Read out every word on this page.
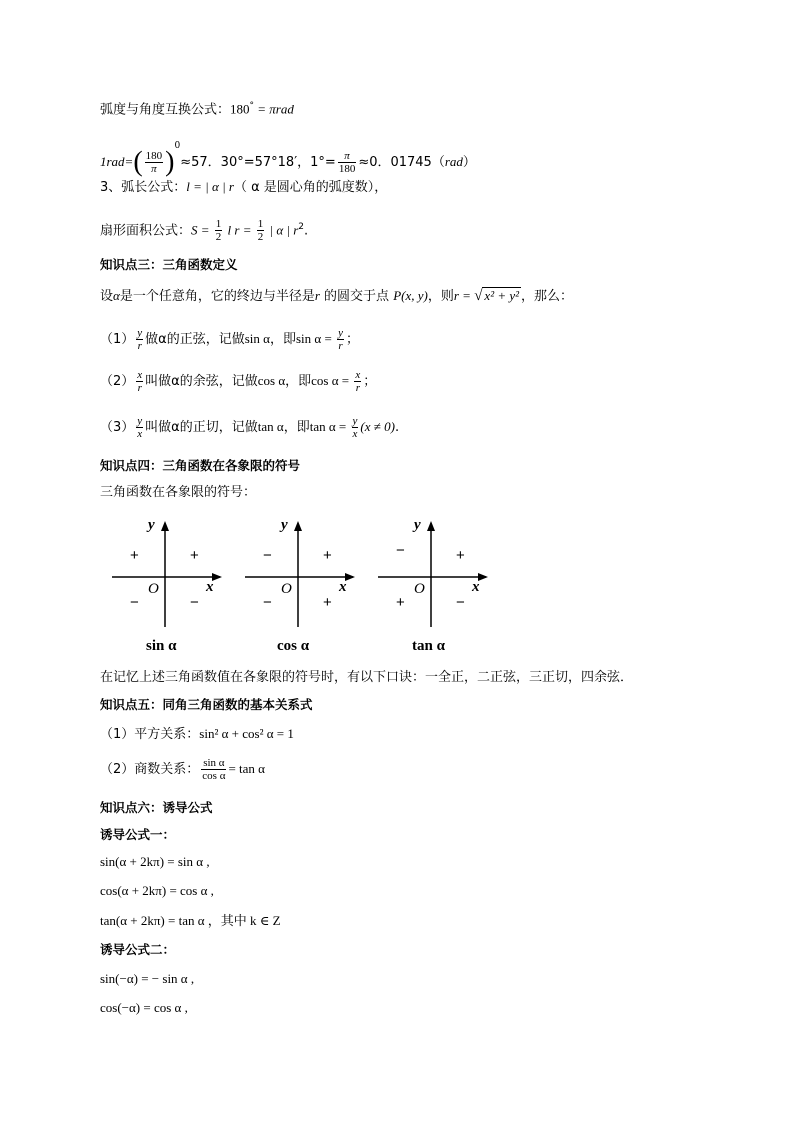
弧度与角度互换公式：180° = πrad
$1rad=( \frac{180}{\pi} )^0\approx 57$．30°=57°18′，$1^\circ= \frac{\pi}{180} \approx 0$．01745（rad）
3、弧长公式：l = | α | r（ α 是圆心角的弧度数），
扇形面积公式：$S = \frac{1}{2}$ l $r = \frac{1}{2}$ | α | $r^2$.
知识点三：三角函数定义
设α是一个任意角，它的终边与半径是r 的圆交于点 P(x, y)，则r = √ x² + y² ，那么：
$(1) \frac{y}{r}$ 做α的正弦，记做sin α，即$\sin \alpha = \frac{y}{r}$ ；
$(2) \frac{x}{r}$ 叫做α的余弦，记做cos α，即$\cos \alpha = \frac{x}{r}$ ；
$(3) \frac{y}{x}$ 叫做α的正切，记做tan α，即$\tan \alpha = \frac{y}{x} (x \ne 0)$.
知识点四：三角函数在各象限的符号
三角函数在各象限的符号：
y
x
O
+
+
−	−
sin α
y
x
O
+
−
−	+
cos α
y
x
O
+
−
+	−
tan α
在记忆上述三角函数值在各象限的符号时，有以下口诀：一全正，二正弦，三正切，四余弦．
知识点五：同角三角函数的基本关系式
（1）平方关系：sin² α + cos² α = 1
（2）商数关系： $\frac{\text{sin α}}{\text{cos α}} = \tan \alpha$
知识点六：诱导公式
诱导公式一：
sin(α + 2kπ) = sin α ,
cos(α + 2kπ) = cos α ,
tan(α + 2kπ) = tan α ，其中 k ∈ Z
诱导公式二：
sin(−α) = − sin α ,
cos(−α) = cos α ,
